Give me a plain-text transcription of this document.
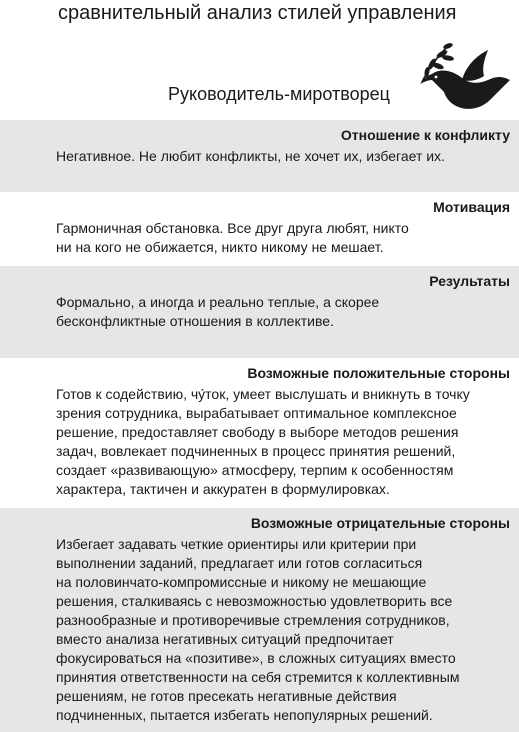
сравнительный анализ стилей управления
Руководитель-миротворец
Отношение к конфликту
Негативное. Не любит конфликты, не хочет их, избегает их.
Мотивация
Гармоничная обстановка. Все друг друга любят, никто
ни на кого не обижается, никто никому не мешает.
Результаты
Формально, а иногда и реально теплые, а скорее
бесконфликтные отношения в коллективе.
Возможные положительные стороны
Готов к содействию, чу́ток, умеет выслушать и вникнуть в точку
зрения сотрудника, вырабатывает оптимальное комплексное
решение, предоставляет свободу в выборе методов решения
задач, вовлекает подчиненных в процесс принятия решений,
создает «развивающую» атмосферу, терпим к особенностям
характера, тактичен и аккуратен в формулировках.
Возможные отрицательные стороны
Избегает задавать четкие ориентиры или критерии при
выполнении заданий, предлагает или готов согласиться
на половинчато-компромиссные и никому не мешающие
решения, сталкиваясь с невозможностью удовлетворить все
разнообразные и противоречивые стремления сотрудников,
вместо анализа негативных ситуаций предпочитает
фокусироваться на «позитиве», в сложных ситуациях вместо
принятия ответственности на себя стремится к коллективным
решениям, не готов пресекать негативные действия
подчиненных, пытается избегать непопулярных решений.
